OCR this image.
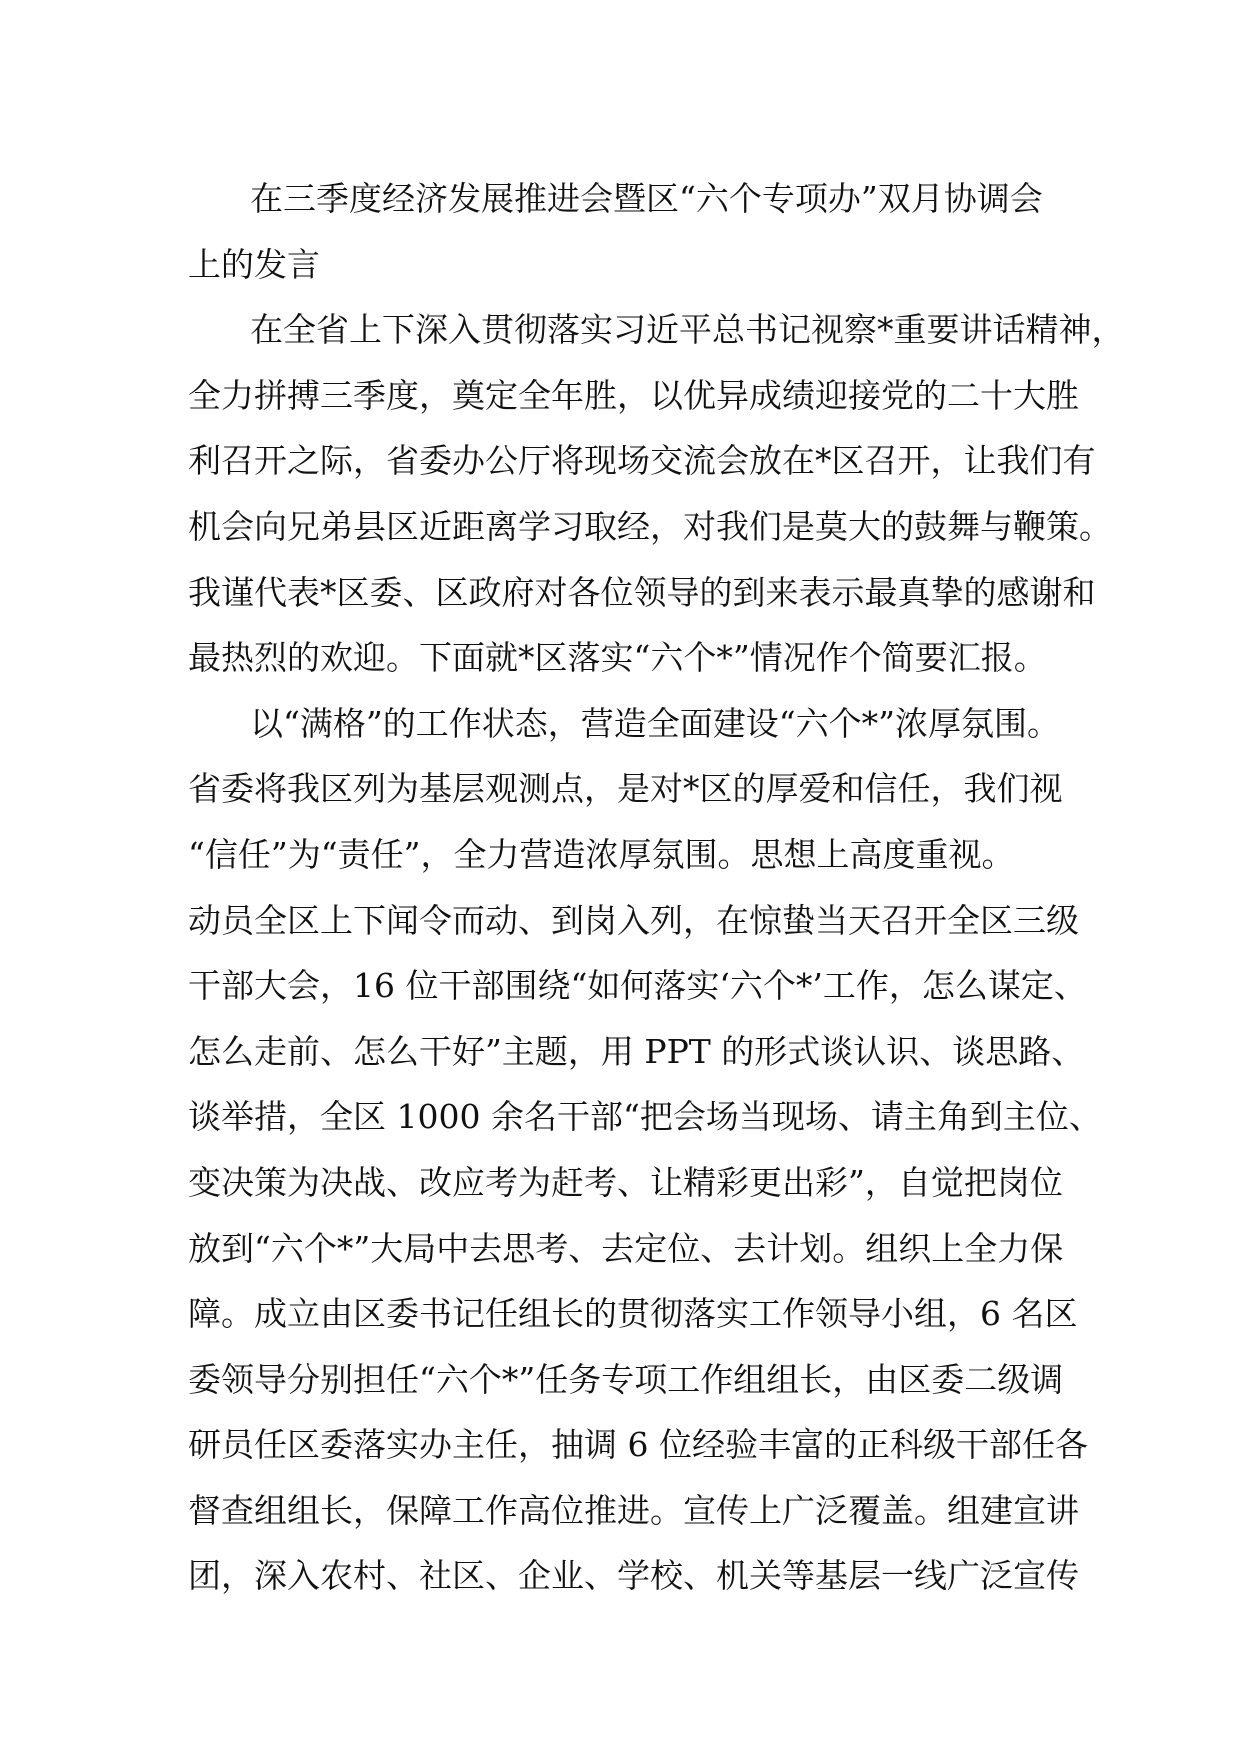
在三季度经济发展推进会暨区“六个专项办”双月协调会
上的发言
在全省上下深入贯彻落实习近平总书记视察*重要讲话精神，
全力拼搏三季度，奠定全年胜，以优异成绩迎接党的二十大胜
利召开之际，省委办公厅将现场交流会放在*区召开，让我们有
机会向兄弟县区近距离学习取经，对我们是莫大的鼓舞与鞭策。
我谨代表*区委、区政府对各位领导的到来表示最真挚的感谢和
最热烈的欢迎。下面就*区落实“六个*”情况作个简要汇报。
以“满格”的工作状态，营造全面建设“六个*”浓厚氛围。
省委将我区列为基层观测点，是对*区的厚爱和信任，我们视
“信任”为“责任”，全力营造浓厚氛围。思想上高度重视。
动员全区上下闻令而动、到岗入列，在惊蛰当天召开全区三级
干部大会，16 位干部围绕“如何落实‘六个*’工作，怎么谋定、
怎么走前、怎么干好”主题，用 PPT 的形式谈认识、谈思路、
谈举措，全区 1000 余名干部“把会场当现场、请主角到主位、
变决策为决战、改应考为赶考、让精彩更出彩”，自觉把岗位
放到“六个*”大局中去思考、去定位、去计划。组织上全力保
障。成立由区委书记任组长的贯彻落实工作领导小组，6 名区
委领导分别担任“六个*”任务专项工作组组长，由区委二级调
研员任区委落实办主任，抽调 6 位经验丰富的正科级干部任各
督查组组长，保障工作高位推进。宣传上广泛覆盖。组建宣讲
团，深入农村、社区、企业、学校、机关等基层一线广泛宣传
